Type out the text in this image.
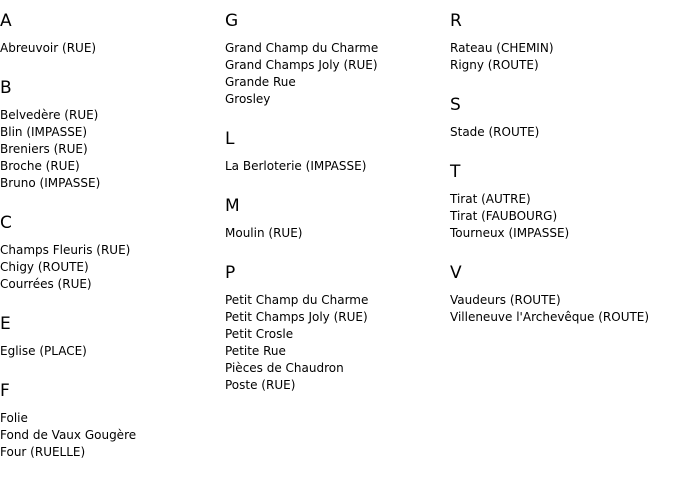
A
Abreuvoir (RUE)
B
Belvedère (RUE)
Blin (IMPASSE)
Breniers (RUE)
Broche (RUE)
Bruno (IMPASSE)
C
Champs Fleuris (RUE)
Chigy (ROUTE)
Courrées (RUE)
E
Eglise (PLACE)
F
Folie
Fond de Vaux Gougère
Four (RUELLE)
G
Grand Champ du Charme
Grand Champs Joly (RUE)
Grande Rue
Grosley
L
La Berloterie (IMPASSE)
M
Moulin (RUE)
P
Petit Champ du Charme
Petit Champs Joly (RUE)
Petit Crosle
Petite Rue
Pièces de Chaudron
Poste (RUE)
R
Rateau (CHEMIN)
Rigny (ROUTE)
S
Stade (ROUTE)
T
Tirat (AUTRE)
Tirat (FAUBOURG)
Tourneux (IMPASSE)
V
Vaudeurs (ROUTE)
Villeneuve l'Archevêque (ROUTE)
